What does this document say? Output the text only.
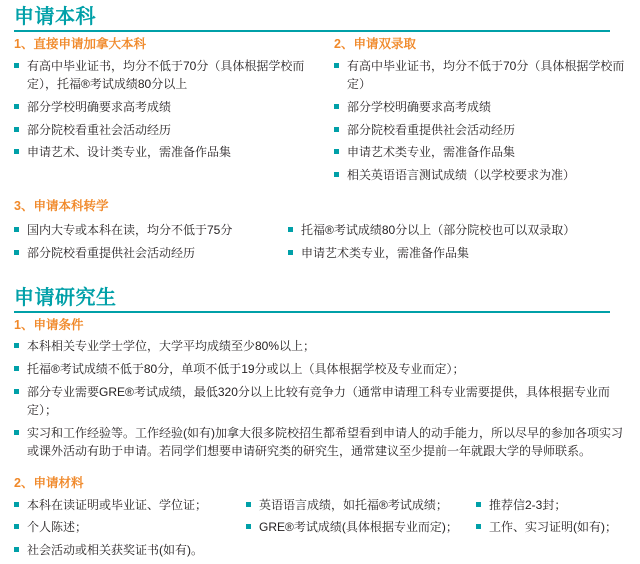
申请本科
1、直接申请加拿大本科
有高中毕业证书，均分不低于70分（具体根据学校而定），托福®考试成绩80分以上
部分学校明确要求高考成绩
部分院校看重社会活动经历
申请艺术、设计类专业，需准备作品集
2、申请双录取
有高中毕业证书，均分不低于70分（具体根据学校而定）
部分学校明确要求高考成绩
部分院校看重提供社会活动经历
申请艺术类专业，需准备作品集
相关英语语言测试成绩（以学校要求为准）
3、申请本科转学
国内大专或本科在读，均分不低于75分
部分院校看重提供社会活动经历
托福®考试成绩80分以上（部分院校也可以双录取）
申请艺术类专业，需准备作品集
申请研究生
1、申请条件
本科相关专业学士学位，大学平均成绩至少80%以上；
托福®考试成绩不低于80分，单项不低于19分或以上（具体根据学校及专业而定）；
部分专业需要GRE®考试成绩，最低320分以上比较有竞争力（通常申请理工科专业需要提供，具体根据专业而定）；
实习和工作经验等。工作经验(如有)加拿大很多院校招生都希望看到申请人的动手能力，所以尽早的参加各项实习或课外活动有助于申请。若同学们想要申请研究类的研究生，通常建议至少提前一年就跟大学的导师联系。
2、申请材料
本科在读证明或毕业证、学位证；
个人陈述；
社会活动或相关获奖证书(如有)。
英语语言成绩，如托福®考试成绩；
GRE®考试成绩(具体根据专业而定)；
推荐信2-3封；
工作、实习证明(如有)；
